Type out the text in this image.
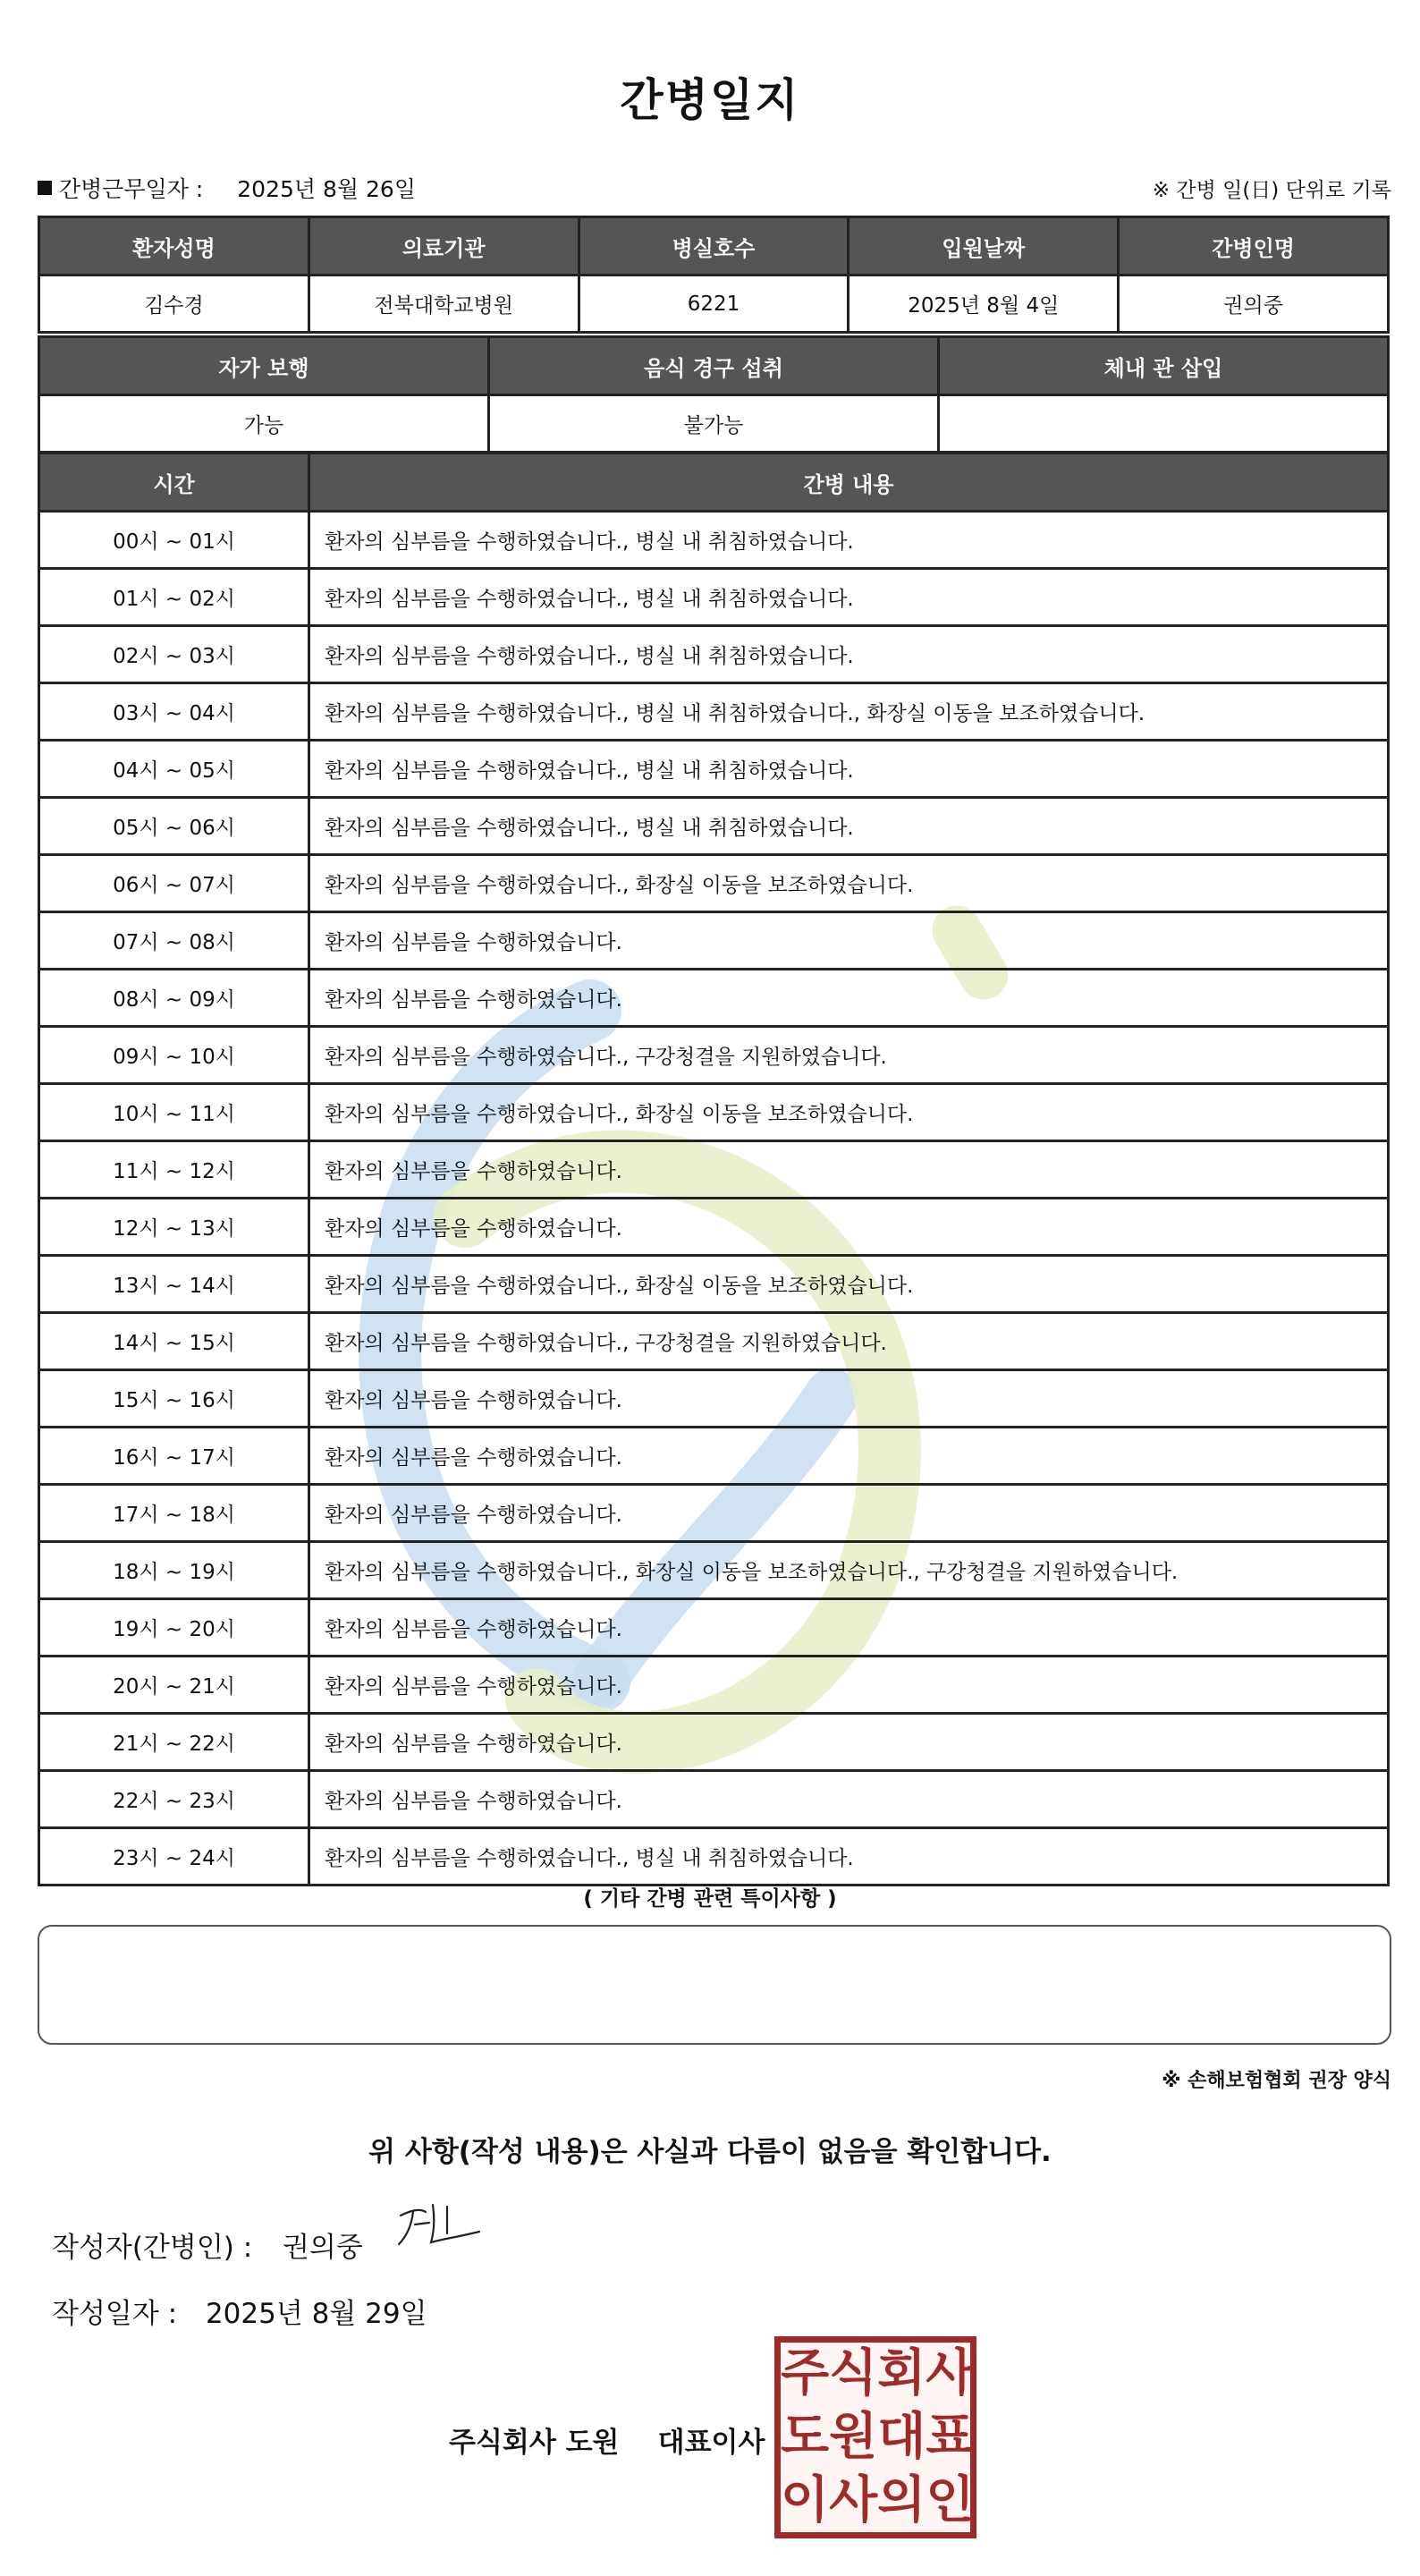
간병일지
간병근무일자 : 2025년 8월 26일	※ 간병 일(日) 단위로 기록
환자성명	의료기관	병실호수	입원날짜	간병인명
김수경	전북대학교병원	6221	2025년 8월 4일	권의중
자가 보행	음식 경구 섭취	체내 관 삽입
가능	불가능	
시간	간병 내용
00시 ~ 01시	환자의 심부름을 수행하였습니다., 병실 내 취침하였습니다.
01시 ~ 02시	환자의 심부름을 수행하였습니다., 병실 내 취침하였습니다.
02시 ~ 03시	환자의 심부름을 수행하였습니다., 병실 내 취침하였습니다.
03시 ~ 04시	환자의 심부름을 수행하였습니다., 병실 내 취침하였습니다., 화장실 이동을 보조하였습니다.
04시 ~ 05시	환자의 심부름을 수행하였습니다., 병실 내 취침하였습니다.
05시 ~ 06시	환자의 심부름을 수행하였습니다., 병실 내 취침하였습니다.
06시 ~ 07시	환자의 심부름을 수행하였습니다., 화장실 이동을 보조하였습니다.
07시 ~ 08시	환자의 심부름을 수행하였습니다.
08시 ~ 09시	환자의 심부름을 수행하였습니다.
09시 ~ 10시	환자의 심부름을 수행하였습니다., 구강청결을 지원하였습니다.
10시 ~ 11시	환자의 심부름을 수행하였습니다., 화장실 이동을 보조하였습니다.
11시 ~ 12시	환자의 심부름을 수행하였습니다.
12시 ~ 13시	환자의 심부름을 수행하였습니다.
13시 ~ 14시	환자의 심부름을 수행하였습니다., 화장실 이동을 보조하였습니다.
14시 ~ 15시	환자의 심부름을 수행하였습니다., 구강청결을 지원하였습니다.
15시 ~ 16시	환자의 심부름을 수행하였습니다.
16시 ~ 17시	환자의 심부름을 수행하였습니다.
17시 ~ 18시	환자의 심부름을 수행하였습니다.
18시 ~ 19시	환자의 심부름을 수행하였습니다., 화장실 이동을 보조하였습니다., 구강청결을 지원하였습니다.
19시 ~ 20시	환자의 심부름을 수행하였습니다.
20시 ~ 21시	환자의 심부름을 수행하였습니다.
21시 ~ 22시	환자의 심부름을 수행하였습니다.
22시 ~ 23시	환자의 심부름을 수행하였습니다.
23시 ~ 24시	환자의 심부름을 수행하였습니다., 병실 내 취침하였습니다.
( 기타 간병 관련 특이사항 )
※ 손해보험협회 권장 양식
위 사항(작성 내용)은 사실과 다름이 없음을 확인합니다.
작성자(간병인) : 권의중
작성일자 : 2025년 8월 29일
주식회사 도원    대표이사
주 식 회 사
도 원 대 표
이 사 의 인
